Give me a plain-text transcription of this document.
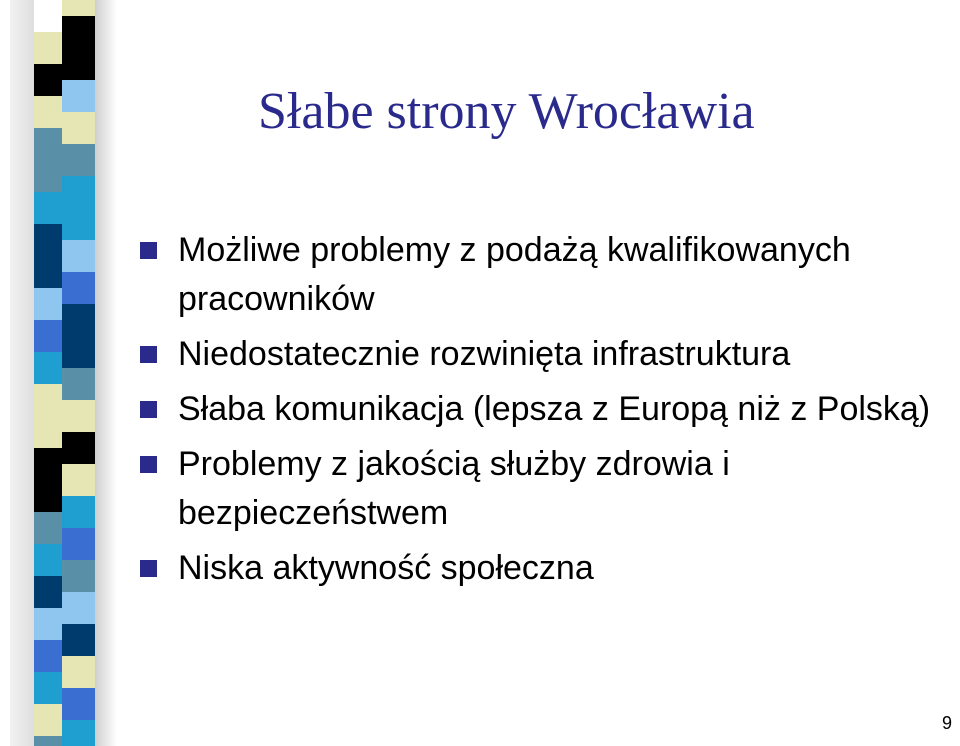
Słabe strony Wrocławia
Możliwe problemy z podażą kwalifikowanych pracowników
Niedostatecznie rozwinięta infrastruktura
Słaba komunikacja (lepsza z Europą niż z Polską)
Problemy z jakością służby zdrowia i bezpieczeństwem
Niska aktywność społeczna
9
